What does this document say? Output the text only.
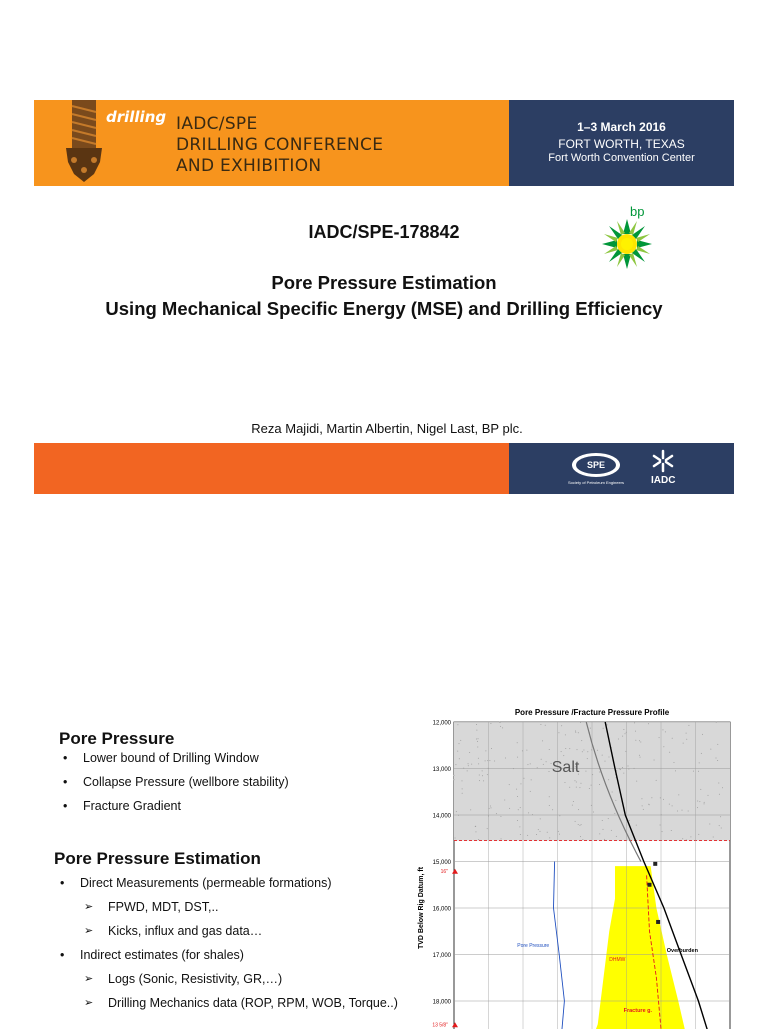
drilling IADC/SPE
DRILLING CONFERENCE
AND EXHIBITION
1–3 March 2016
FORT WORTH, TEXAS
Fort Worth Convention Center
IADC/SPE-178842
Pore Pressure Estimation
Using Mechanical Specific Energy (MSE) and Drilling Efficiency
Reza Majidi, Martin Albertin, Nigel Last, BP plc.
bp
SPE
Society of Petroleum Engineers	IADC
Pore Pressure
• Lower bound of Drilling Window
• Collapse Pressure (wellbore stability)
• Fracture Gradient
Pore Pressure Estimation
• Direct Measurements (permeable formations)
➢ FPWD, MDT, DST,..
➢ Kicks, influx and gas data…
• Indirect estimates (for shales)
➢ Logs (Sonic, Resistivity, GR,…)
➢ Drilling Mechanics data (ROP, RPM, WOB, Torque..)
Pore Pressure /Fracture Pressure Profile
12,000
13,000
14,000
15,000
16,000
17,000
18,000
TVD Below Rig Datum, ft	16"
13 5/8"
Salt
Pore Pressure
DHMW
Overburden
Fracture g.
